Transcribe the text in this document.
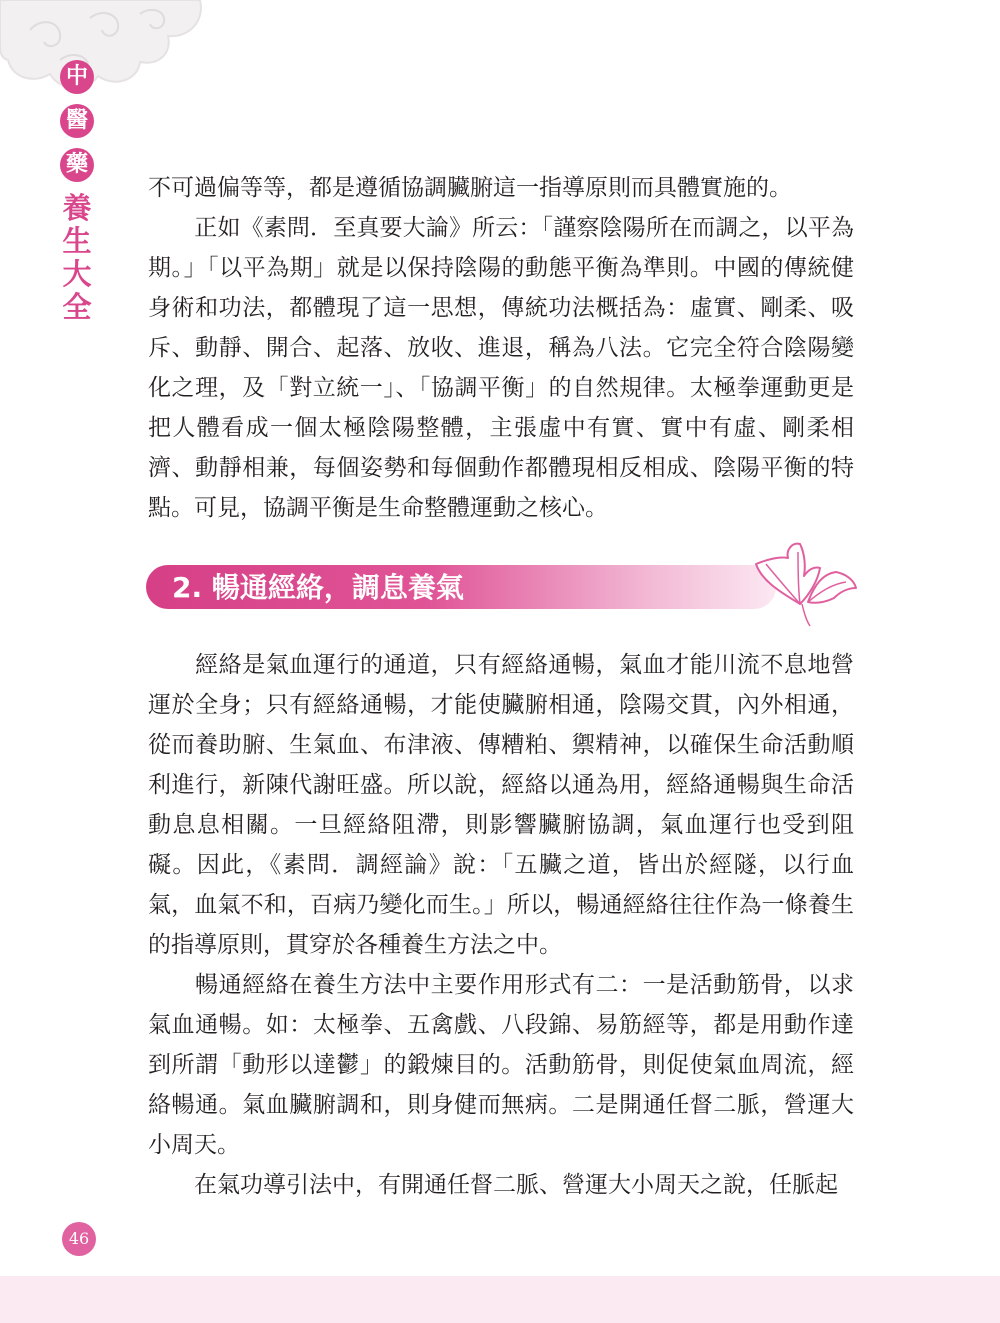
中
醫
藥
養
生
大
全

不可過偏等等，都是遵循協調臟腑這一指導原則而具體實施的。

　　正如《素問．至真要大論》所云：「謹察陰陽所在而調之，以平為期。」「以平為期」就是以保持陰陽的動態平衡為準則。中國的傳統健身術和功法，都體現了這一思想，傳統功法概括為：虛實、剛柔、吸斥、動靜、開合、起落、放收、進退，稱為八法。它完全符合陰陽變化之理，及「對立統一」、「協調平衡」的自然規律。太極拳運動更是把人體看成一個太極陰陽整體，主張虛中有實、實中有虛、剛柔相濟、動靜相兼，每個姿勢和每個動作都體現相反相成、陰陽平衡的特點。可見，協調平衡是生命整體運動之核心。

2. 暢通經絡，調息養氣

　　經絡是氣血運行的通道，只有經絡通暢，氣血才能川流不息地營運於全身；只有經絡通暢，才能使臟腑相通，陰陽交貫，內外相通，從而養助腑、生氣血、布津液、傳糟粕、禦精神，以確保生命活動順利進行，新陳代謝旺盛。所以說，經絡以通為用，經絡通暢與生命活動息息相關。一旦經絡阻滯，則影響臟腑協調，氣血運行也受到阻礙。因此，《素問．調經論》說：「五臟之道，皆出於經隧，以行血氣，血氣不和，百病乃變化而生。」所以，暢通經絡往往作為一條養生的指導原則，貫穿於各種養生方法之中。

　　暢通經絡在養生方法中主要作用形式有二：一是活動筋骨，以求氣血通暢。如：太極拳、五禽戲、八段錦、易筋經等，都是用動作達到所謂「動形以達鬱」的鍛煉目的。活動筋骨，則促使氣血周流，經絡暢通。氣血臟腑調和，則身健而無病。二是開通任督二脈，營運大小周天。

　　在氣功導引法中，有開通任督二脈、營運大小周天之說，任脈起

46
